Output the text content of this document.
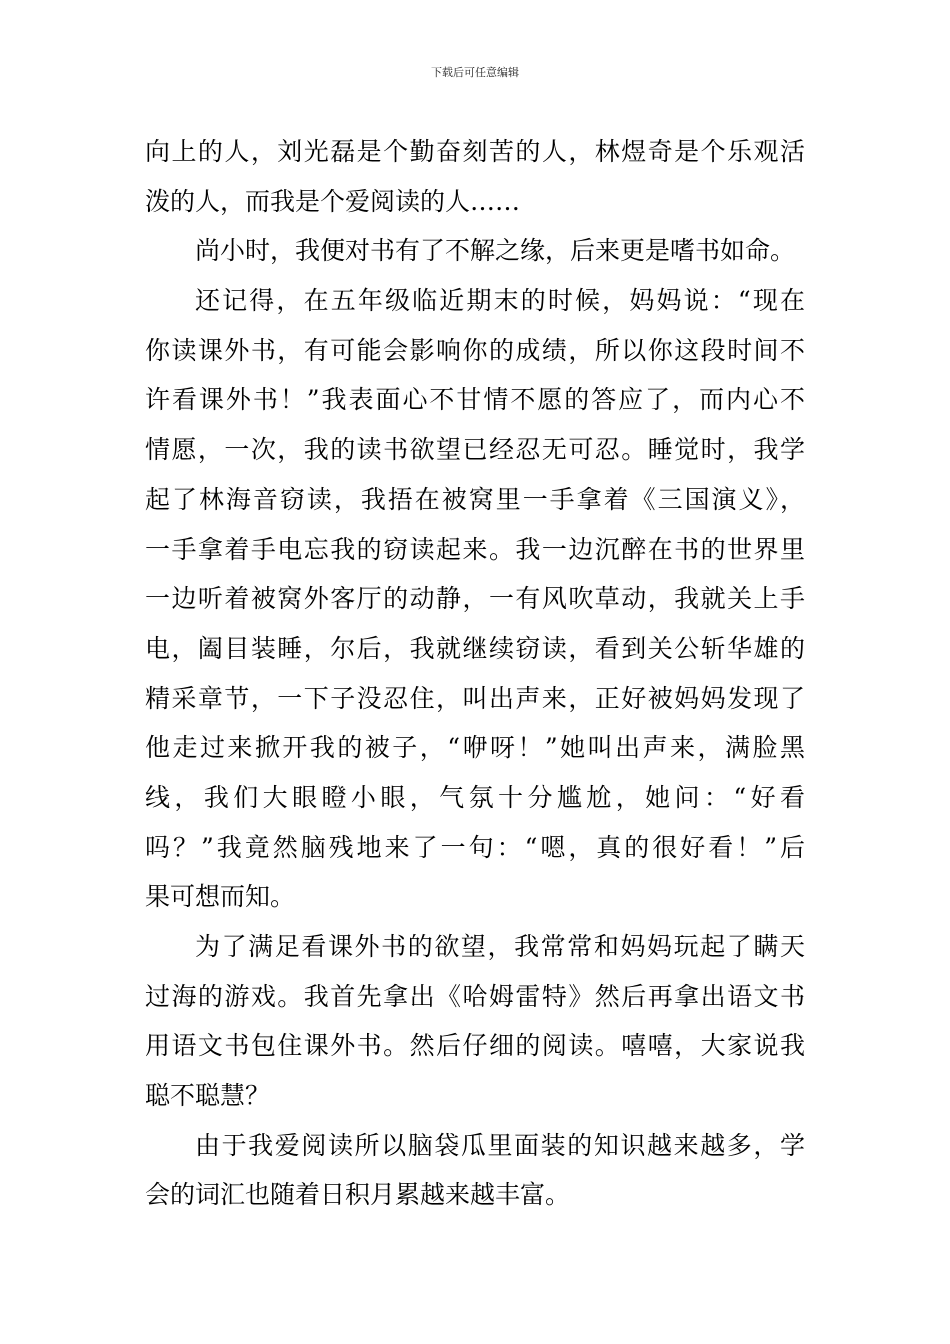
下载后可任意编辑
向上的人，刘光磊是个勤奋刻苦的人，林煜奇是个乐观活
泼的人，而我是个爱阅读的人……
尚小时，我便对书有了不解之缘，后来更是嗜书如命。
还记得，在五年级临近期末的时候，妈妈说：“现在
你读课外书，有可能会影响你的成绩，所以你这段时间不
许看课外书！”我表面心不甘情不愿的答应了，而内心不
情愿，一次，我的读书欲望已经忍无可忍。睡觉时，我学
起了林海音窃读，我捂在被窝里一手拿着《三国演义》，
一手拿着手电忘我的窃读起来。我一边沉醉在书的世界里
一边听着被窝外客厅的动静，一有风吹草动，我就关上手
电，阖目装睡，尔后，我就继续窃读，看到关公斩华雄的
精采章节，一下子没忍住，叫出声来，正好被妈妈发现了
他走过来掀开我的被子，“咿呀！”她叫出声来，满脸黑
线，我们大眼瞪小眼，气氛十分尴尬，她问：“好看
吗？”我竟然脑残地来了一句：“嗯，真的很好看！”后
果可想而知。
为了满足看课外书的欲望，我常常和妈妈玩起了瞒天
过海的游戏。我首先拿出《哈姆雷特》然后再拿出语文书
用语文书包住课外书。然后仔细的阅读。嘻嘻，大家说我
聪不聪慧？
由于我爱阅读所以脑袋瓜里面装的知识越来越多，学
会的词汇也随着日积月累越来越丰富。
